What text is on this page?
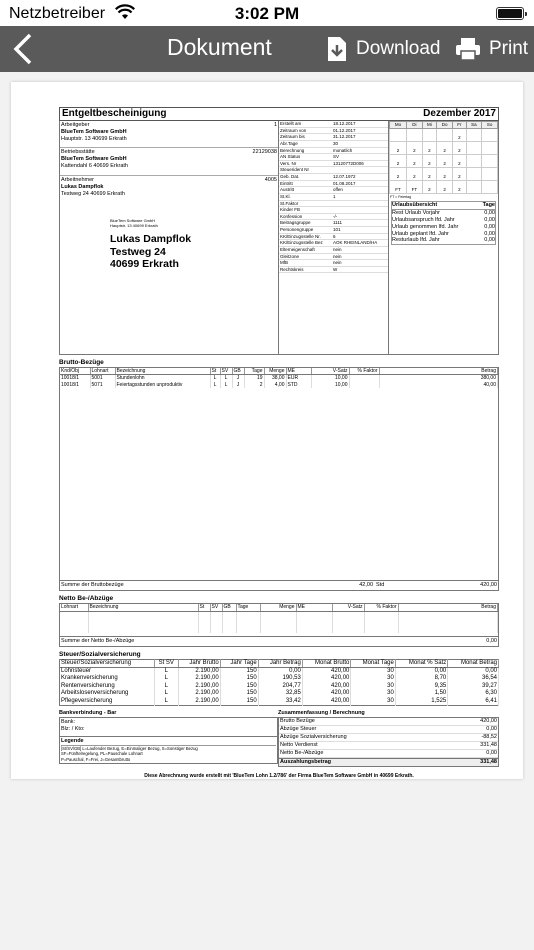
Netzbetreiber	3:02 PM
Dokument	Download	Print
Entgeltbescheinigung	Dezember 2017
Arbeitgeber	1
BlueTem Software GmbH
Hauptstr. 13 40699 Erkrath
Betriebsstätte	22129038
BlueTem Software GmbH
Kattendahl 6 40699 Erkrath
Arbeitnehmer	4005
Lukas Dampflok
Testweg 24 40699 Erkrath
BlueTem Software GmbH
Hauptstr. 13 40699 Erkrath
Lukas Dampflok
Testweg 24
40699 Erkrath
Erstellt am	18.12.2017
Zeitraum von	01.12.2017
Zeitraum bis	31.12.2017
Abr.Tage	30
Berechnung	monatlich
AN Status	SV
Vers. Nr	13120772D006
Steuerident Nr	
Geb. Dat.	12.07.1972
Eintritt	01.08.2017
Austritt	offen
St.Kl.	1
St.Faktor	
Kinder FB	
Konfession	-/-
Beitragsgruppe	1111
Personengruppe	101
KK/Einzugsstelle Nr.	6
KK/Einzugsstelle Bez	AOK RHEINLAND/HA
Elterneigenschaft	nein
Gleitzone	nein
MfB	nein
Rechtskreis	W
Mo	Di	Mi	Do	Fr	Sa	So
				2		
2	2	2	2	2		
2	2	2	2	2		
2	2	2	2	2		
FT	FT	2	2	2		
FT = Feiertag
Urlaubsübersicht	Tage
Rest Urlaub Vorjahr	0,00
Urlaubsanspruch lfd. Jahr	0,00
Urlaub genommen lfd. Jahr	0,00
Urlaub geplant lfd. Jahr	0,00
Resturlaub lfd. Jahr	0,00
Brutto-Bezüge
Knd/Obj	Lohnart	Bezeichnung	St	SV	GB	Tage	Menge	ME	V-Satz	% Faktor	Betrag
10018/1	5001	Stundenlohn	L	L	J	19	38,00	EUR	10,00		380,00
10018/1	5071	Feiertagsstunden unproduktiv	L	L	J	2	4,00	STD	10,00		40,00
Summe der Bruttobezüge	42,00 Std	420,00
Netto Be-/Abzüge
Lohnart	Bezeichnung	St	SV	GB	Tage	Menge	ME	V-Satz	% Faktor	Betrag

Summe der Netto Be-/Abzüge	0,00
Steuer/Sozialversicherung
Steuer/Sozialversicherung	St SV	Jahr Brutto	Jahr Tage	Jahr Betrag	Monat Brutto	Monat Tage	Monat % Satz	Monat Betrag
Lohnsteuer	L	2.190,00	150	0,00	420,00	30	0,00	0,00
Krankenversicherung	L	2.190,00	150	190,53	420,00	30	8,70	36,54
Rentenversicherung	L	2.190,00	150	204,77	420,00	30	9,35	39,27
Arbeitslosenversicherung	L	2.190,00	150	32,85	420,00	30	1,50	6,30
Pflegeversicherung	L	2.190,00	150	33,42	420,00	30	1,525	6,41
Bankverbindung - Bar
Bank:
Blz: / Kto:
Legende
[St/SV/GB] L=Laufender Bezug, E=Einmaliger Bezug, S=Sonstiger Bezug
SF=Fünftelregelung, PL=Pauschale Lohnart
P=Pauschal, F=Frei, J=Gesamtbrutto
Zusammenfassung / Berechnung
Brutto Bezüge	420,00
Abzüge Steuer	0,00
Abzüge Sozialversicherung	-88,52
Netto Verdienst	331,48
Netto Be-/Abzüge	0,00
Auszahlungsbetrag	331,48
Diese Abrechnung wurde erstellt mit 'BlueTem Lohn 1.2/786' der Firma BlueTem Software GmbH in 40699 Erkrath.
